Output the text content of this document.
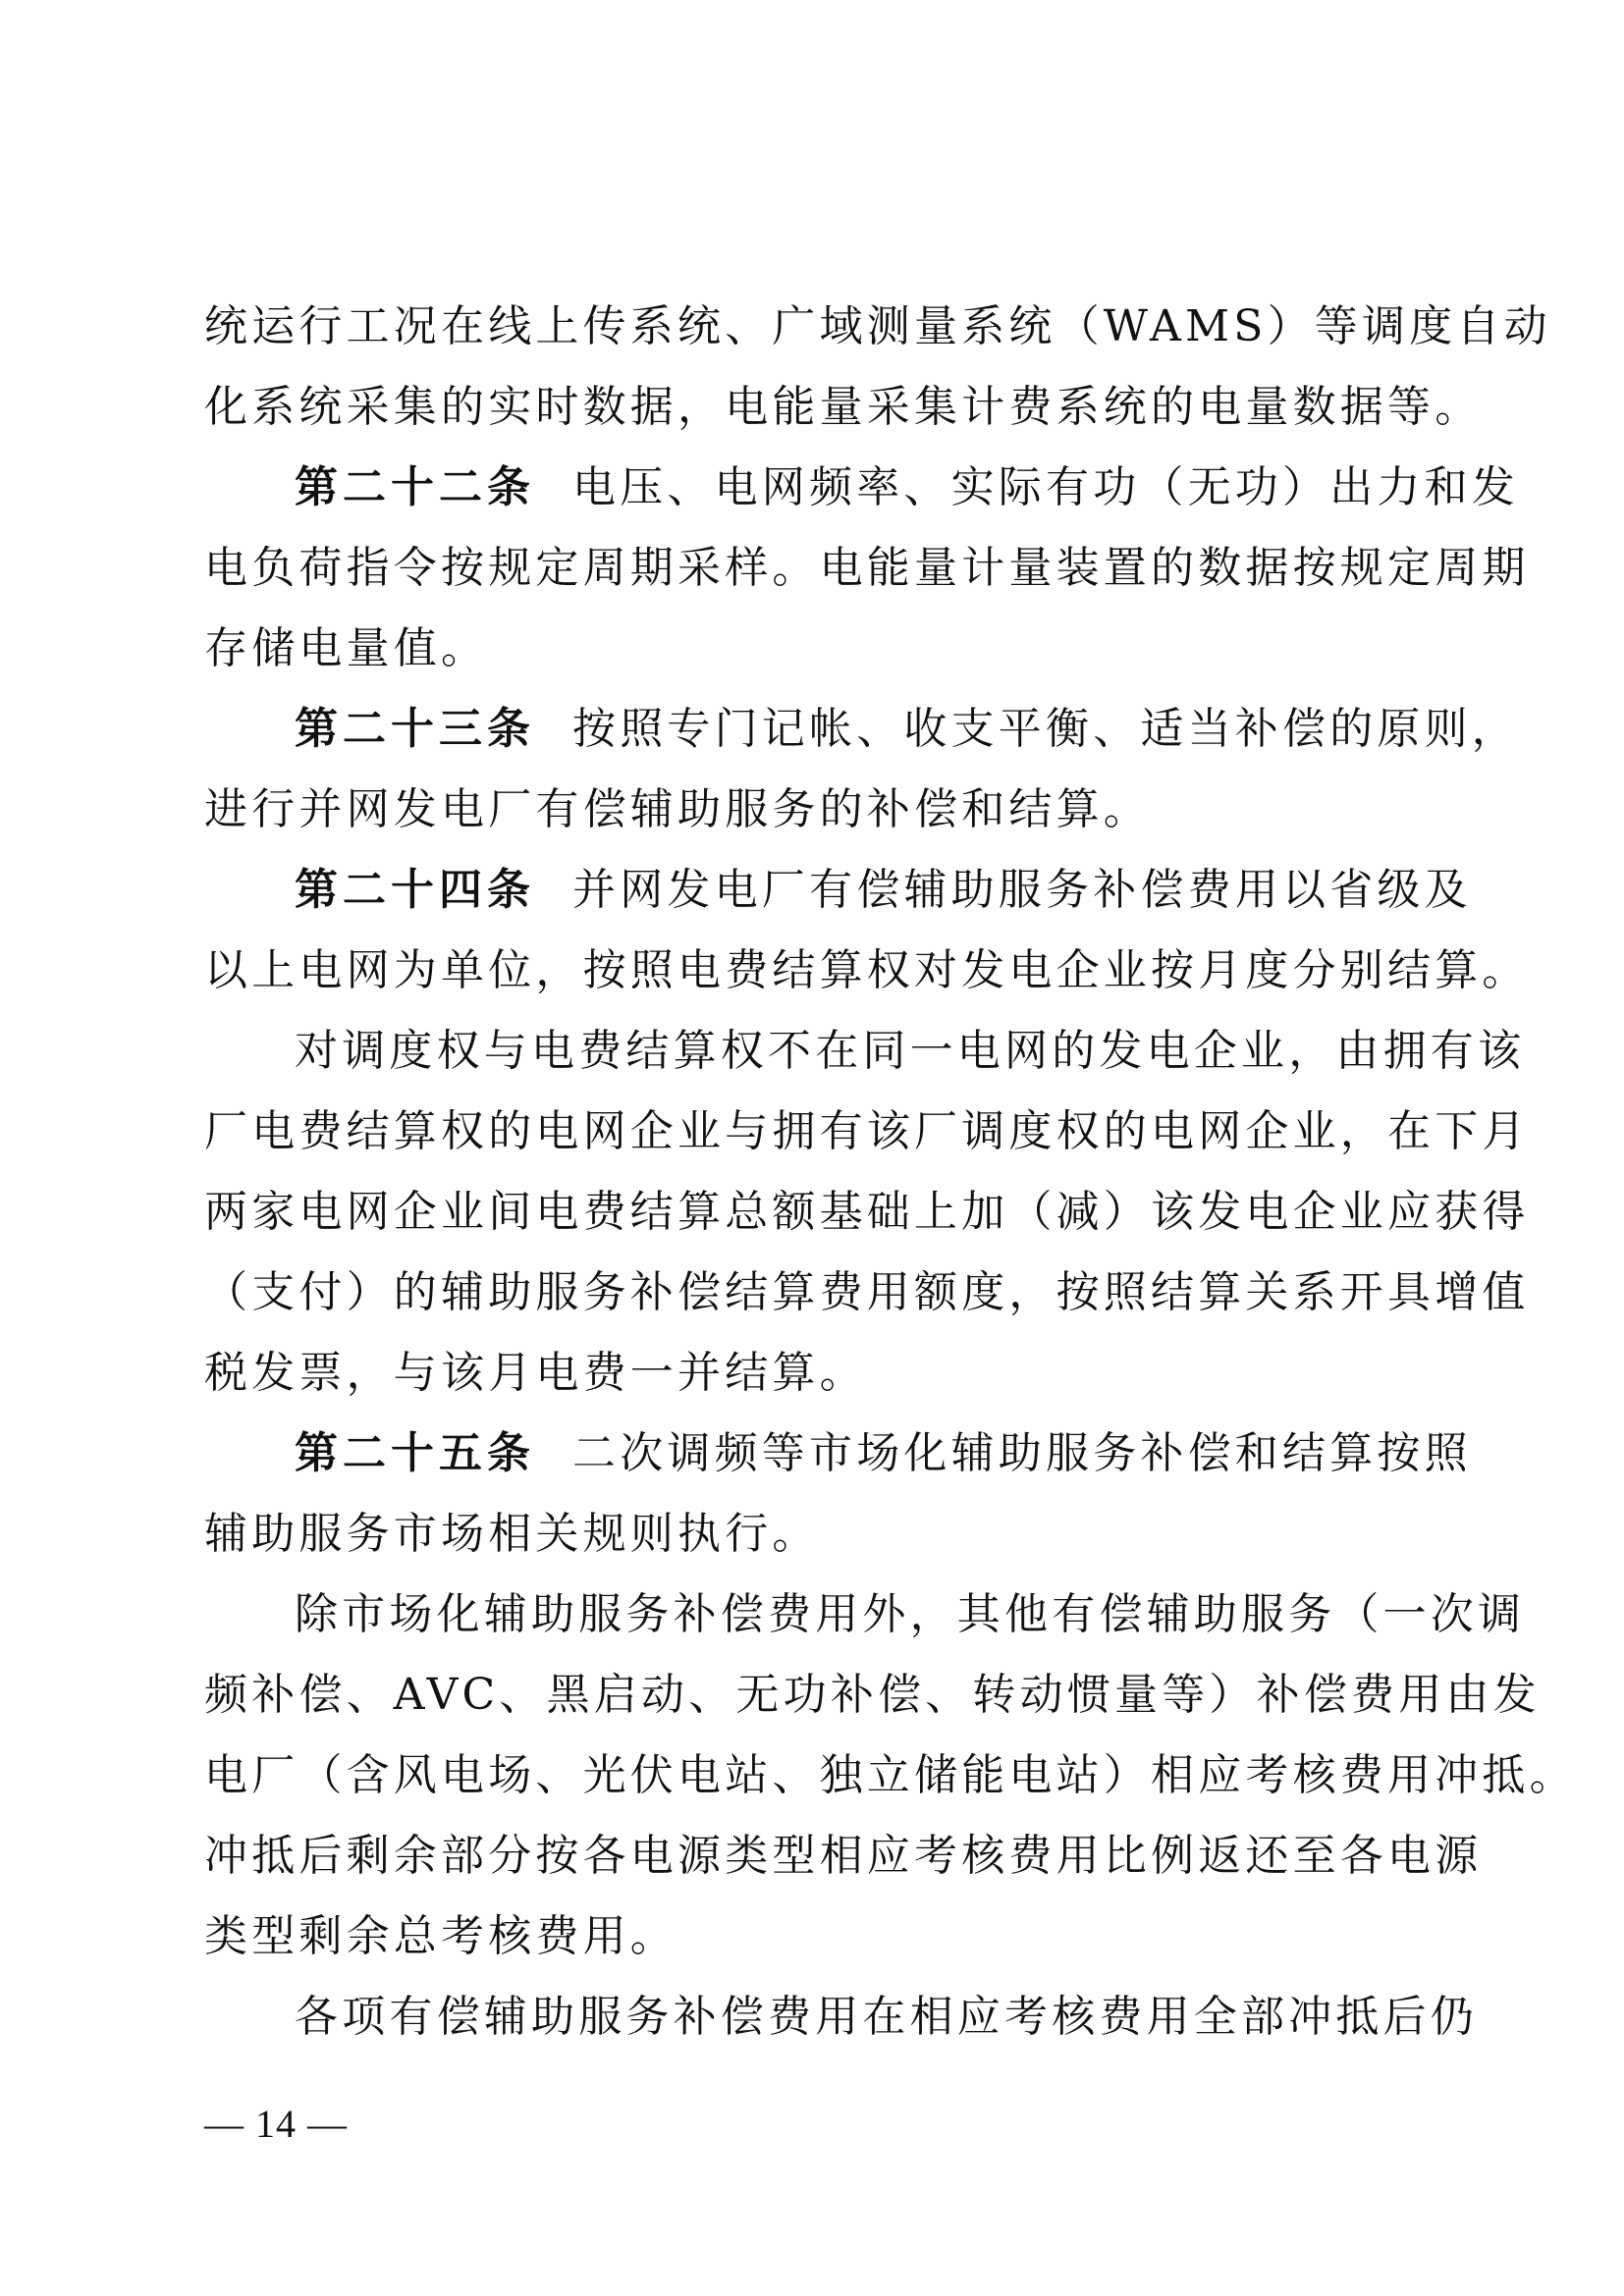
统运行工况在线上传系统、广域测量系统（WAMS）等调度自动
化系统采集的实时数据，电能量采集计费系统的电量数据等。
第二十二条 电压、电网频率、实际有功（无功）出力和发
电负荷指令按规定周期采样。电能量计量装置的数据按规定周期
存储电量值。
第二十三条 按照专门记帐、收支平衡、适当补偿的原则，
进行并网发电厂有偿辅助服务的补偿和结算。
第二十四条 并网发电厂有偿辅助服务补偿费用以省级及
以上电网为单位，按照电费结算权对发电企业按月度分别结算。
对调度权与电费结算权不在同一电网的发电企业，由拥有该
厂电费结算权的电网企业与拥有该厂调度权的电网企业，在下月
两家电网企业间电费结算总额基础上加（减）该发电企业应获得
（支付）的辅助服务补偿结算费用额度，按照结算关系开具增值
税发票，与该月电费一并结算。
第二十五条 二次调频等市场化辅助服务补偿和结算按照
辅助服务市场相关规则执行。
除市场化辅助服务补偿费用外，其他有偿辅助服务（一次调
频补偿、AVC、黑启动、无功补偿、转动惯量等）补偿费用由发
电厂（含风电场、光伏电站、独立储能电站）相应考核费用冲抵。
冲抵后剩余部分按各电源类型相应考核费用比例返还至各电源
类型剩余总考核费用。
各项有偿辅助服务补偿费用在相应考核费用全部冲抵后仍
— 14 —
